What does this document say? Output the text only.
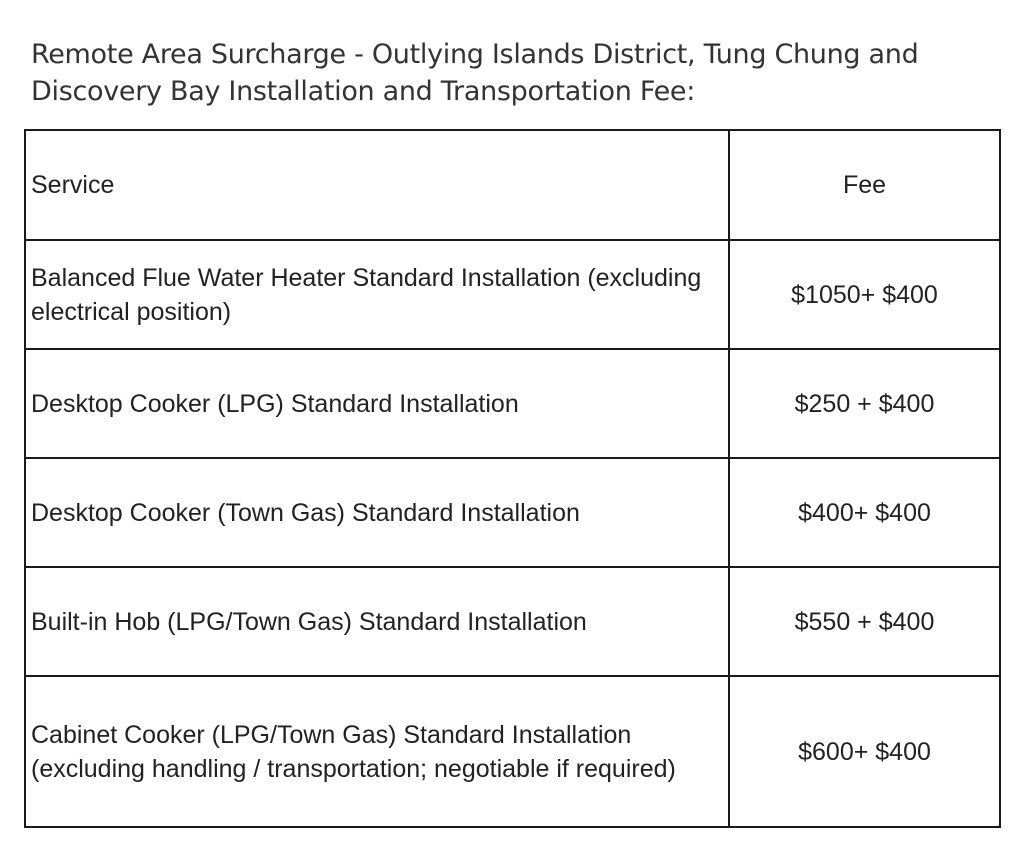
Remote Area Surcharge - Outlying Islands District, Tung Chung and Discovery Bay Installation and Transportation Fee:
Service	Fee
Balanced Flue Water Heater Standard Installation (excluding electrical position)	$1050+ $400
Desktop Cooker (LPG) Standard Installation	$250 + $400
Desktop Cooker (Town Gas) Standard Installation	$400+ $400
Built-in Hob (LPG/Town Gas) Standard Installation	$550 + $400
Cabinet Cooker (LPG/Town Gas) Standard Installation (excluding handling / transportation; negotiable if required)	$600+ $400
